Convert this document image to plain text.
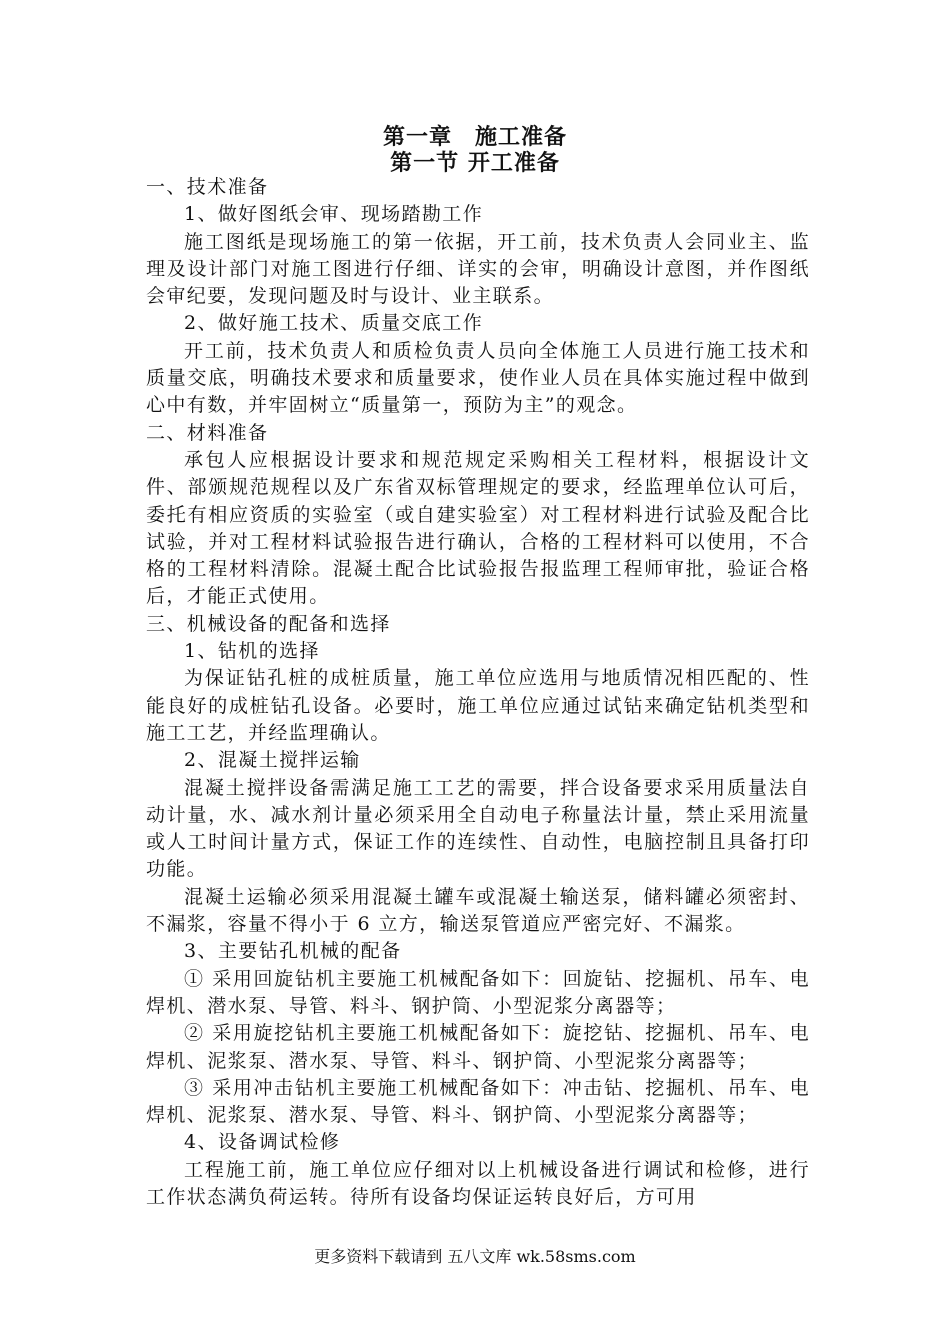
第一章　施工准备
第一节 开工准备

一、技术准备

1、做好图纸会审、现场踏勘工作

施工图纸是现场施工的第一依据，开工前，技术负责人会同业主、监理及设计部门对施工图进行仔细、详实的会审，明确设计意图，并作图纸会审纪要，发现问题及时与设计、业主联系。

2、做好施工技术、质量交底工作

开工前，技术负责人和质检负责人员向全体施工人员进行施工技术和质量交底，明确技术要求和质量要求，使作业人员在具体实施过程中做到心中有数，并牢固树立“质量第一，预防为主”的观念。

二、材料准备

承包人应根据设计要求和规范规定采购相关工程材料，根据设计文件、部颁规范规程以及广东省双标管理规定的要求，经监理单位认可后，委托有相应资质的实验室（或自建实验室）对工程材料进行试验及配合比试验，并对工程材料试验报告进行确认，合格的工程材料可以使用，不合格的工程材料清除。混凝土配合比试验报告报监理工程师审批，验证合格后，才能正式使用。

三、机械设备的配备和选择

1、钻机的选择

为保证钻孔桩的成桩质量，施工单位应选用与地质情况相匹配的、性能良好的成桩钻孔设备。必要时，施工单位应通过试钻来确定钻机类型和施工工艺，并经监理确认。

2、混凝土搅拌运输

混凝土搅拌设备需满足施工工艺的需要，拌合设备要求采用质量法自动计量，水、减水剂计量必须采用全自动电子称量法计量，禁止采用流量或人工时间计量方式，保证工作的连续性、自动性，电脑控制且具备打印功能。

混凝土运输必须采用混凝土罐车或混凝土输送泵，储料罐必须密封、不漏浆，容量不得小于 6 立方，输送泵管道应严密完好、不漏浆。

3、主要钻孔机械的配备

① 采用回旋钻机主要施工机械配备如下：回旋钻、挖掘机、吊车、电焊机、潜水泵、导管、料斗、钢护筒、小型泥浆分离器等；

② 采用旋挖钻机主要施工机械配备如下：旋挖钻、挖掘机、吊车、电焊机、泥浆泵、潜水泵、导管、料斗、钢护筒、小型泥浆分离器等；

③ 采用冲击钻机主要施工机械配备如下：冲击钻、挖掘机、吊车、电焊机、泥浆泵、潜水泵、导管、料斗、钢护筒、小型泥浆分离器等；

4、设备调试检修

工程施工前，施工单位应仔细对以上机械设备进行调试和检修，进行工作状态满负荷运转。待所有设备均保证运转良好后，方可用

更多资料下载请到 五八文库 wk.58sms.com
